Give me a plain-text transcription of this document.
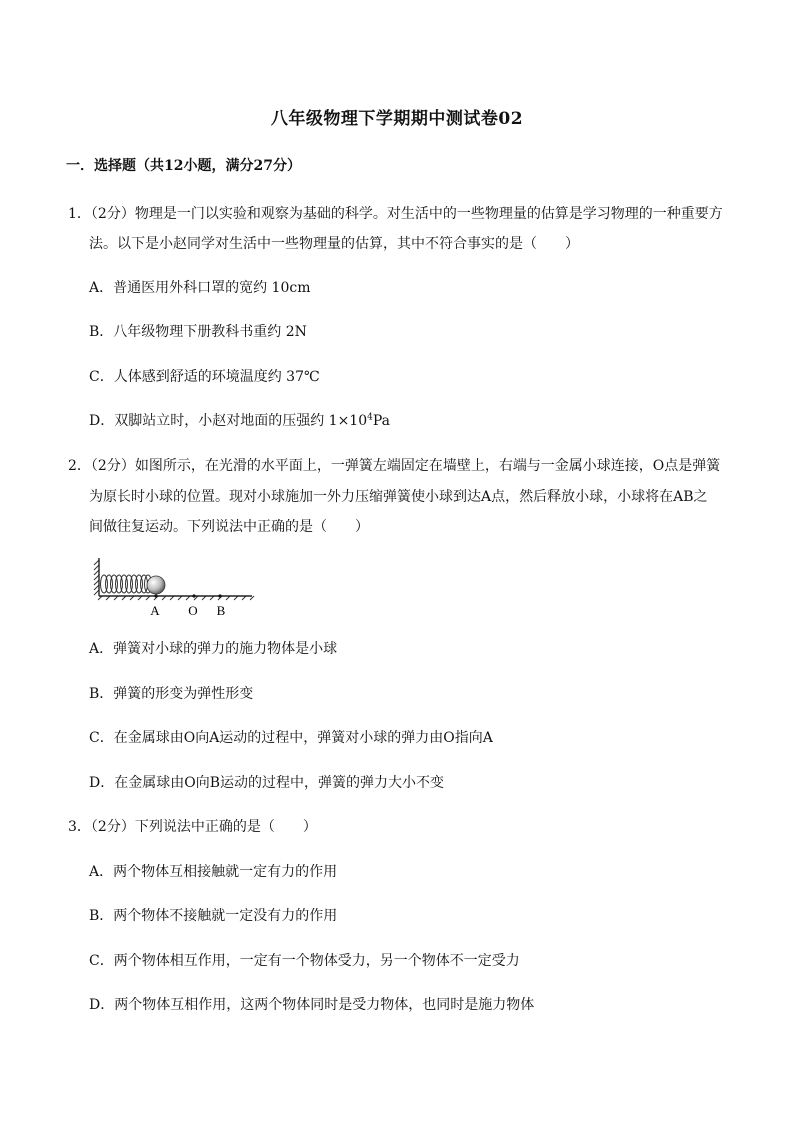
八年级物理下学期期中测试卷02
一．选择题（共12小题，满分27分）
1．（2分）物理是一门以实验和观察为基础的科学。对生活中的一些物理量的估算是学习物理的一种重要方
法。以下是小赵同学对生活中一些物理量的估算，其中不符合事实的是（　　）
A．普通医用外科口罩的宽约 10cm
B．八年级物理下册教科书重约 2N
C．人体感到舒适的环境温度约 37℃
D．双脚站立时，小赵对地面的压强约 $1\times 10^4Pa$
2．（2分）如图所示，在光滑的水平面上，一弹簧左端固定在墙壁上，右端与一金属小球连接，O点是弹簧
为原长时小球的位置。现对小球施加一外力压缩弹簧使小球到达A点，然后释放小球，小球将在AB之
间做往复运动。下列说法中正确的是（　　）
A O B
A．弹簧对小球的弹力的施力物体是小球
B．弹簧的形变为弹性形变
C．在金属球由O向A运动的过程中，弹簧对小球的弹力由O指向A
D．在金属球由O向B运动的过程中，弹簧的弹力大小不变
3．（2分）下列说法中正确的是（　　）
A．两个物体互相接触就一定有力的作用
B．两个物体不接触就一定没有力的作用
C．两个物体相互作用，一定有一个物体受力，另一个物体不一定受力
D．两个物体互相作用，这两个物体同时是受力物体，也同时是施力物体
